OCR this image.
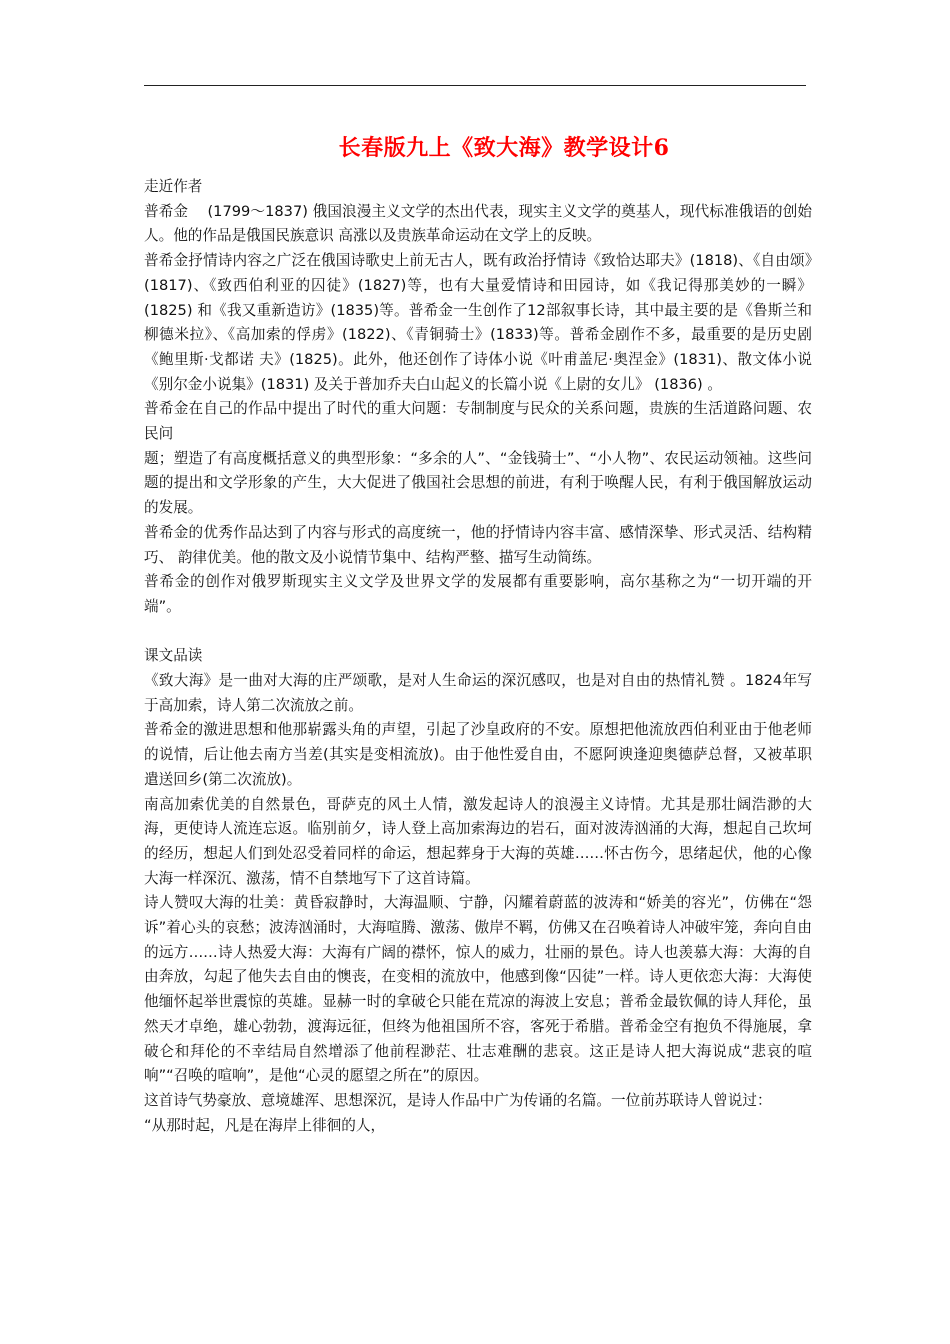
长春版九上《致大海》教学设计6

走近作者

普希金　 (1799～1837) 俄国浪漫主义文学的杰出代表，现实主义文学的奠基人，现代标准俄语的创始人。他的作品是俄国民族意识 高涨以及贵族革命运动在文学上的反映。

普希金抒情诗内容之广泛在俄国诗歌史上前无古人，既有政治抒情诗《致恰达耶夫》(1818)、《自由颂》(1817)、《致西伯利亚的囚徒》(1827)等，也有大量爱情诗和田园诗，如《我记得那美妙的一瞬》(1825) 和《我又重新造访》(1835)等。普希金一生创作了12部叙事长诗，其中最主要的是《鲁斯兰和柳德米拉》、《高加索的俘虏》(1822)、《青铜骑士》(1833)等。普希金剧作不多，最重要的是历史剧《鲍里斯·戈都诺 夫》(1825)。此外，他还创作了诗体小说《叶甫盖尼·奥涅金》(1831)、散文体小说《别尔金小说集》(1831) 及关于普加乔夫白山起义的长篇小说《上尉的女儿》 (1836) 。

普希金在自己的作品中提出了时代的重大问题：专制制度与民众的关系问题，贵族的生活道路问题、农民问

题；塑造了有高度概括意义的典型形象：“多余的人”、“金钱骑士”、“小人物”、农民运动领袖。这些问 题的提出和文学形象的产生，大大促进了俄国社会思想的前进，有利于唤醒人民，有利于俄国解放运动的发展。

普希金的优秀作品达到了内容与形式的高度统一，他的抒情诗内容丰富、感情深挚、形式灵活、结构精巧、 韵律优美。他的散文及小说情节集中、结构严整、描写生动简练。

普希金的创作对俄罗斯现实主义文学及世界文学的发展都有重要影响，高尔基称之为“一切开端的开端”。

课文品读

《致大海》是一曲对大海的庄严颂歌，是对人生命运的深沉感叹，也是对自由的热情礼赞 。1824年写于高加索，诗人第二次流放之前。

普希金的激进思想和他那崭露头角的声望，引起了沙皇政府的不安。原想把他流放西伯利亚由于他老师的说情，后让他去南方当差(其实是变相流放)。由于他性爱自由，不愿阿谀逢迎奥德萨总督，又被革职遣送回乡(第二次流放)。

南高加索优美的自然景色，哥萨克的风土人情，激发起诗人的浪漫主义诗情。尤其是那壮阔浩渺的大海，更使诗人流连忘返。临别前夕，诗人登上高加索海边的岩石，面对波涛汹涌的大海，想起自己坎坷的经历，想起人们到处忍受着同样的命运，想起葬身于大海的英雄……怀古伤今，思绪起伏，他的心像大海一样深沉、激荡，情不自禁地写下了这首诗篇。

诗人赞叹大海的壮美：黄昏寂静时，大海温顺、宁静，闪耀着蔚蓝的波涛和“娇美的容光”，仿佛在“怨诉”着心头的哀愁；波涛汹涌时，大海喧腾、激荡、傲岸不羁，仿佛又在召唤着诗人冲破牢笼，奔向自由的远方……诗人热爱大海：大海有广阔的襟怀，惊人的威力，壮丽的景色。诗人也羡慕大海：大海的自由奔放，勾起了他失去自由的懊丧，在变相的流放中，他感到像“囚徒”一样。诗人更依恋大海：大海使他缅怀起举世震惊的英雄。显赫一时的拿破仑只能在荒凉的海波上安息；普希金最钦佩的诗人拜伦，虽然天才卓绝，雄心勃勃，渡海远征，但终为他祖国所不容，客死于希腊。普希金空有抱负不得施展，拿破仑和拜伦的不幸结局自然增添了他前程渺茫、壮志难酬的悲哀。这正是诗人把大海说成“悲哀的喧响”“召唤的喧响”，是他“心灵的愿望之所在”的原因。

这首诗气势豪放、意境雄浑、思想深沉，是诗人作品中广为传诵的名篇。一位前苏联诗人曾说过：

“从那时起，凡是在海岸上徘徊的人，
